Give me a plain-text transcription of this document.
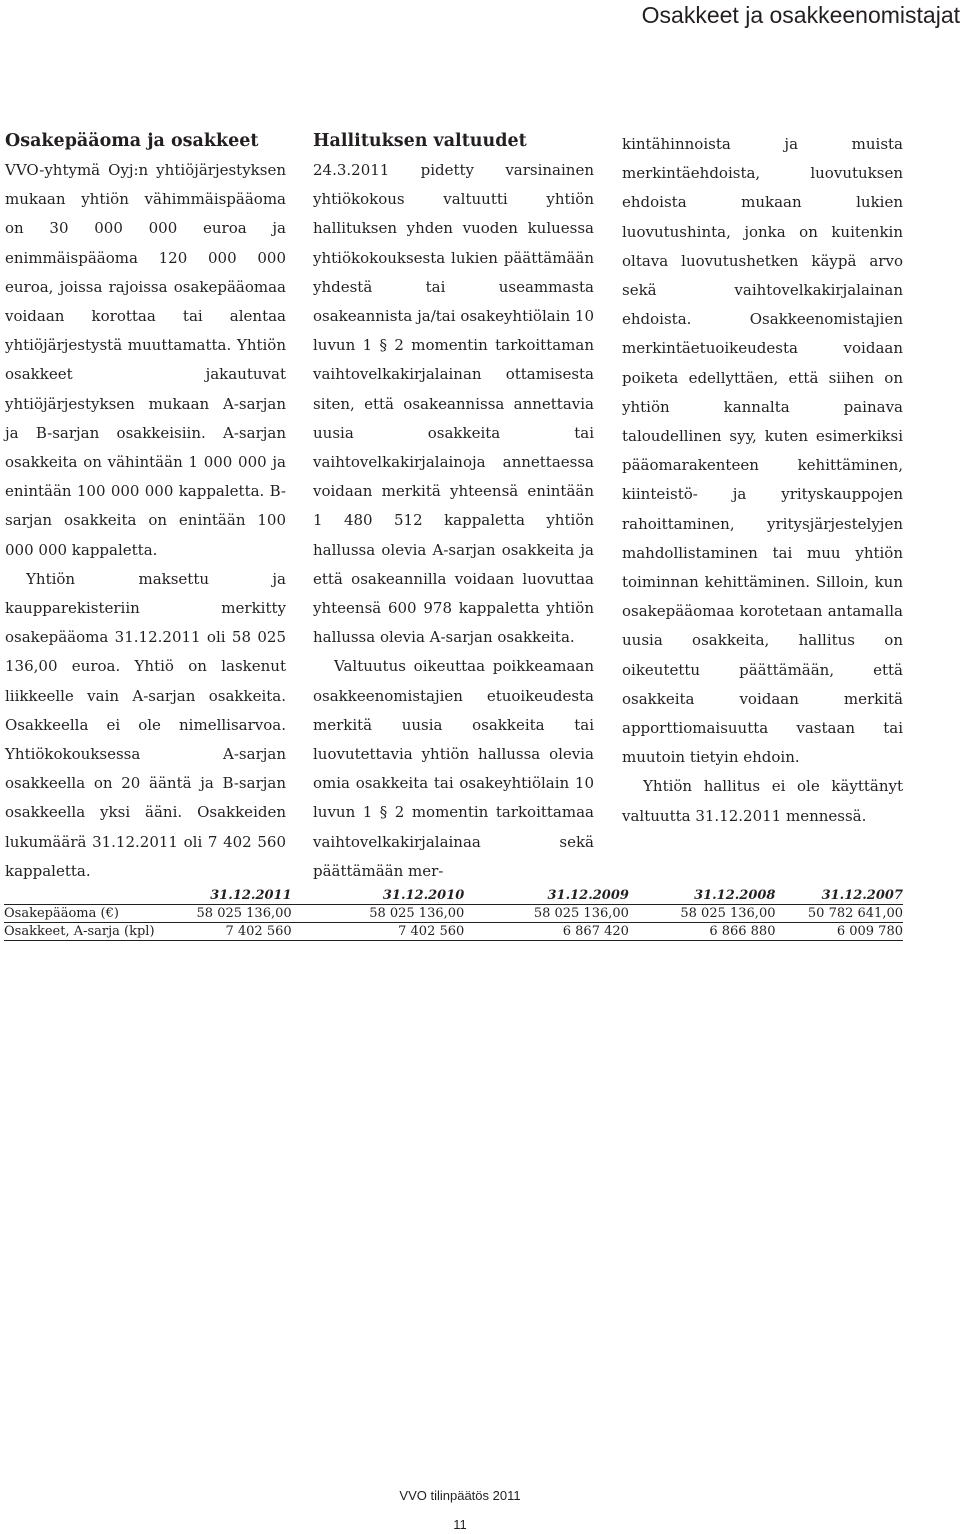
Osakkeet ja osakkeenomistajat
Osakepääoma ja osakkeet

VVO-yhtymä Oyj:n yhtiöjärjestyksen mukaan yhtiön vähimmäispääoma on 30 000 000 euroa ja enimmäispääoma 120 000 000 euroa, joissa rajoissa osakepääomaa voidaan korottaa tai alentaa yhtiöjärjestystä muuttamatta. Yhtiön osakkeet jakautuvat yhtiöjärjestyksen mukaan A-sarjan ja B-sarjan osakkeisiin. A-sarjan osakkeita on vähintään 1 000 000 ja enintään 100 000 000 kappaletta. B-sarjan osakkeita on enintään 100 000 000 kappaletta.

Yhtiön maksettu ja kaupparekisteriin merkitty osakepääoma 31.12.2011 oli 58 025 136,00 euroa. Yhtiö on laskenut liikkeelle vain A-sarjan osakkeita. Osakkeella ei ole nimellisarvoa. Yhtiökokouksessa A-sarjan osakkeella on 20 ääntä ja B-sarjan osakkeella yksi ääni. Osakkeiden lukumäärä 31.12.2011 oli 7 402 560 kappaletta.

Hallituksen valtuudet

24.3.2011 pidetty varsinainen yhtiökokous valtuutti yhtiön hallituksen yhden vuoden kuluessa yhtiökokouksesta lukien päättämään yhdestä tai useammasta osakeannista ja/tai osakeyhtiölain 10 luvun 1 § 2 momentin tarkoittaman vaihtovelkakirjalainan ottamisesta siten, että osakeannissa annettavia uusia osakkeita tai vaihtovelkakirjalainoja annettaessa voidaan merkitä yhteensä enintään 1 480 512 kappaletta yhtiön hallussa olevia A-sarjan osakkeita ja että osakeannilla voidaan luovuttaa yhteensä 600 978 kappaletta yhtiön hallussa olevia A-sarjan osakkeita.

Valtuutus oikeuttaa poikkeamaan osakkeenomistajien etuoikeudesta merkitä uusia osakkeita tai luovutettavia yhtiön hallussa olevia omia osakkeita tai osakeyhtiölain 10 luvun 1 § 2 momentin tarkoittamaa vaihtovelkakirjalainaa sekä päättämään mer-

kintähinnoista ja muista merkintäehdoista, luovutuksen ehdoista mukaan lukien luovutushinta, jonka on kuitenkin oltava luovutushetken käypä arvo sekä vaihtovelkakirjalainan ehdoista. Osakkeenomistajien merkintäetuoikeudesta voidaan poiketa edellyttäen, että siihen on yhtiön kannalta painava taloudellinen syy, kuten esimerkiksi pääomarakenteen kehittäminen, kiinteistö- ja yrityskauppojen rahoittaminen, yritysjärjestelyjen mahdollistaminen tai muu yhtiön toiminnan kehittäminen. Silloin, kun osakepääomaa korotetaan antamalla uusia osakkeita, hallitus on oikeutettu päättämään, että osakkeita voidaan merkitä apporttiomaisuutta vastaan tai muutoin tietyin ehdoin.

Yhtiön hallitus ei ole käyttänyt valtuutta 31.12.2011 mennessä.

	31.12.2011	31.12.2010	31.12.2009	31.12.2008	31.12.2007
Osakepääoma (€)	58 025 136,00	58 025 136,00	58 025 136,00	58 025 136,00	50 782 641,00
Osakkeet, A-sarja (kpl)	7 402 560	7 402 560	6 867 420	6 866 880	6 009 780
VVO tilinpäätös 2011
11
